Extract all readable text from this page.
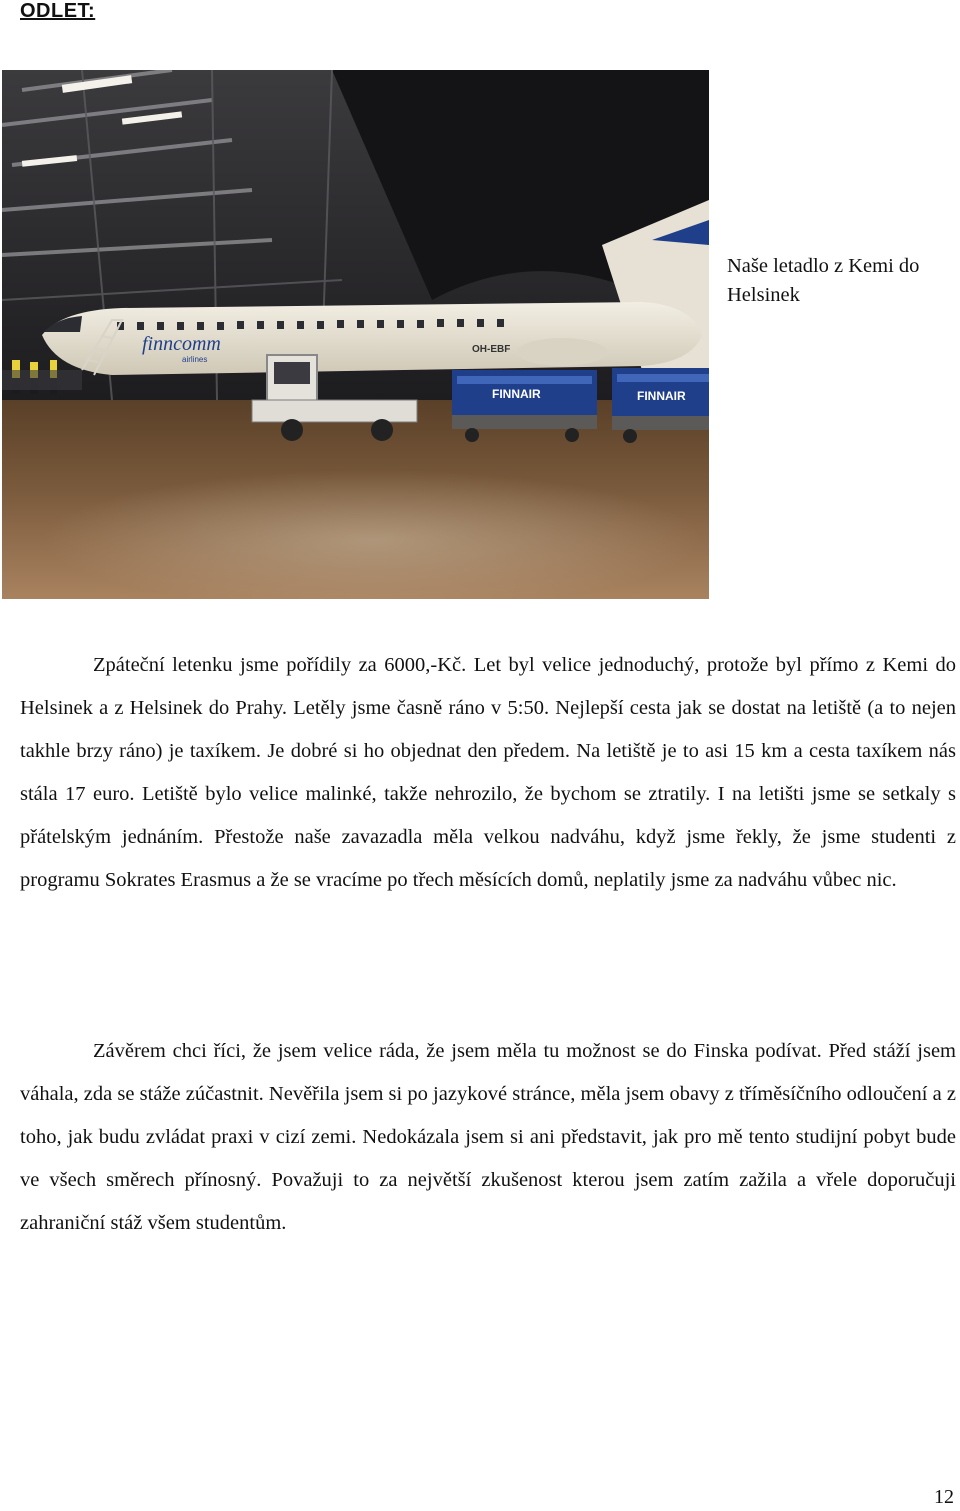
ODLET:
finncomm
airlines
OH-EBF
FINNAIR	FINNAIR
Naše letadlo z Kemi do Helsinek

Zpáteční letenku jsme pořídily za 6000,-Kč. Let byl velice jednoduchý, protože byl přímo z Kemi do Helsinek a z Helsinek do Prahy. Letěly jsme časně ráno v 5:50. Nejlepší cesta jak se dostat na letiště (a to nejen takhle brzy ráno) je taxíkem. Je dobré si ho objednat den předem. Na letiště je to asi 15 km a cesta taxíkem nás stála 17 euro. Letiště bylo velice malinké, takže nehrozilo, že bychom se ztratily. I na letišti jsme se setkaly s přátelským jednáním. Přestože naše zavazadla měla velkou nadváhu, když jsme řekly, že jsme studenti z programu Sokrates Erasmus a že se vracíme po třech měsících domů, neplatily jsme za nadváhu vůbec nic.

Závěrem chci říci, že jsem velice ráda, že jsem měla tu možnost se do Finska podívat. Před stáží jsem váhala, zda se stáže zúčastnit. Nevěřila jsem si po jazykové stránce, měla jsem obavy z tříměsíčního odloučení a z toho, jak budu zvládat praxi v cizí zemi. Nedokázala jsem si ani představit, jak pro mě tento studijní pobyt bude ve všech směrech přínosný. Považuji to za největší zkušenost kterou jsem zatím zažila a vřele doporučuji zahraniční stáž všem studentům.

12
